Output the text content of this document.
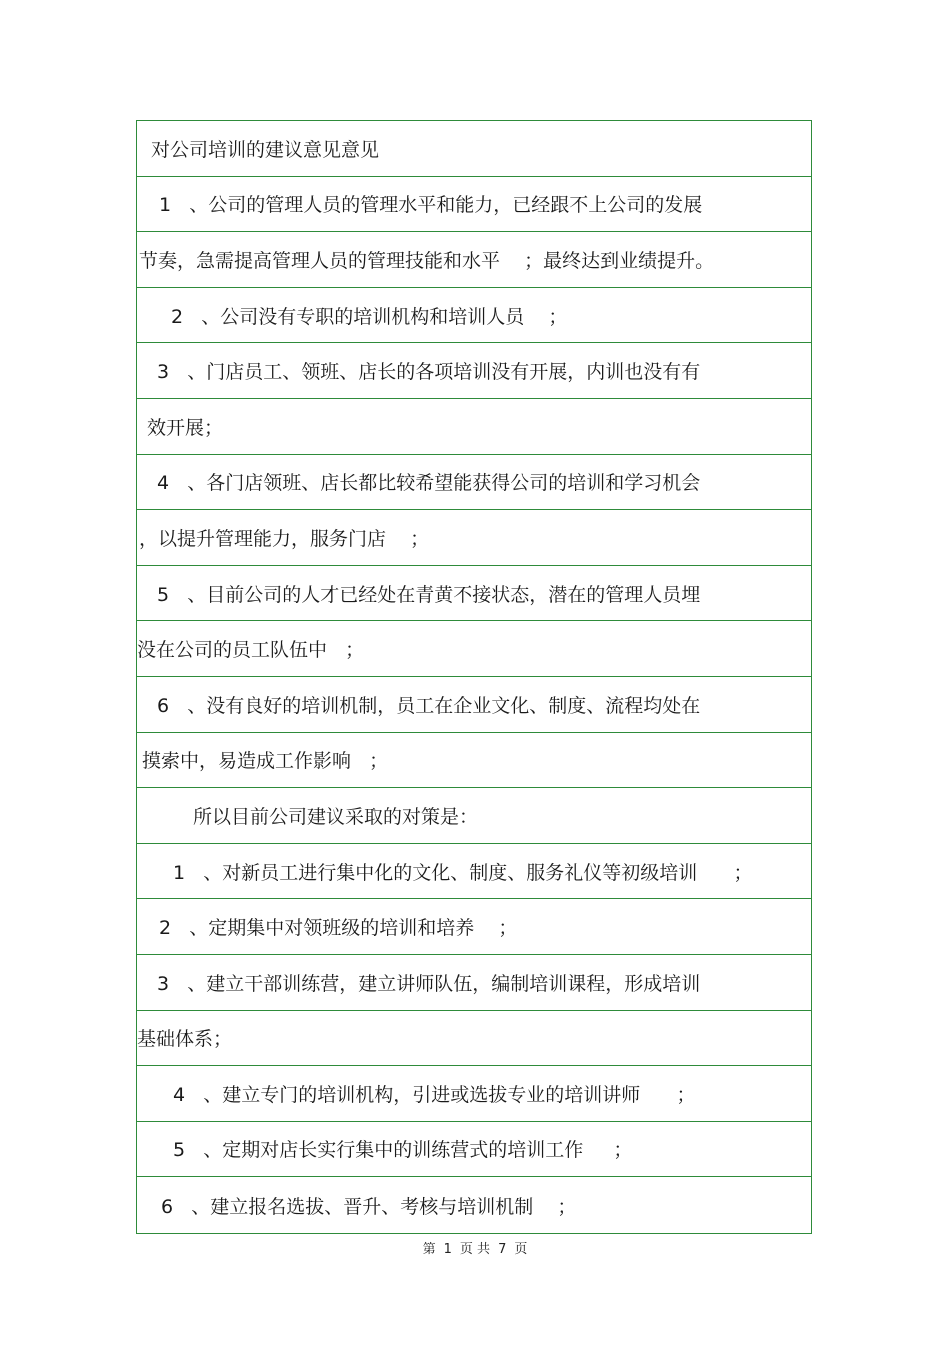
对公司培训的建议意见意见
1   、公司的管理人员的管理水平和能力，已经跟不上公司的发展
节奏，急需提高管理人员的管理技能和水平    ；最终达到业绩提升。
2   、公司没有专职的培训机构和培训人员    ；
3   、门店员工、领班、店长的各项培训没有开展，内训也没有有
效开展；
4   、各门店领班、店长都比较希望能获得公司的培训和学习机会
，以提升管理能力，服务门店    ；
5   、目前公司的人才已经处在青黄不接状态，潜在的管理人员埋
没在公司的员工队伍中   ；
6   、没有良好的培训机制，员工在企业文化、制度、流程均处在
摸索中，易造成工作影响   ；
所以目前公司建议采取的对策是：
1   、对新员工进行集中化的文化、制度、服务礼仪等初级培训      ；
2   、定期集中对领班级的培训和培养    ；
3   、建立干部训练营，建立讲师队伍，编制培训课程，形成培训
基础体系；
4   、建立专门的培训机构，引进或选拔专业的培训讲师      ；
5   、定期对店长实行集中的训练营式的培训工作     ；
6   、建立报名选拔、晋升、考核与培训机制    ；
第 1 页 共 7 页
